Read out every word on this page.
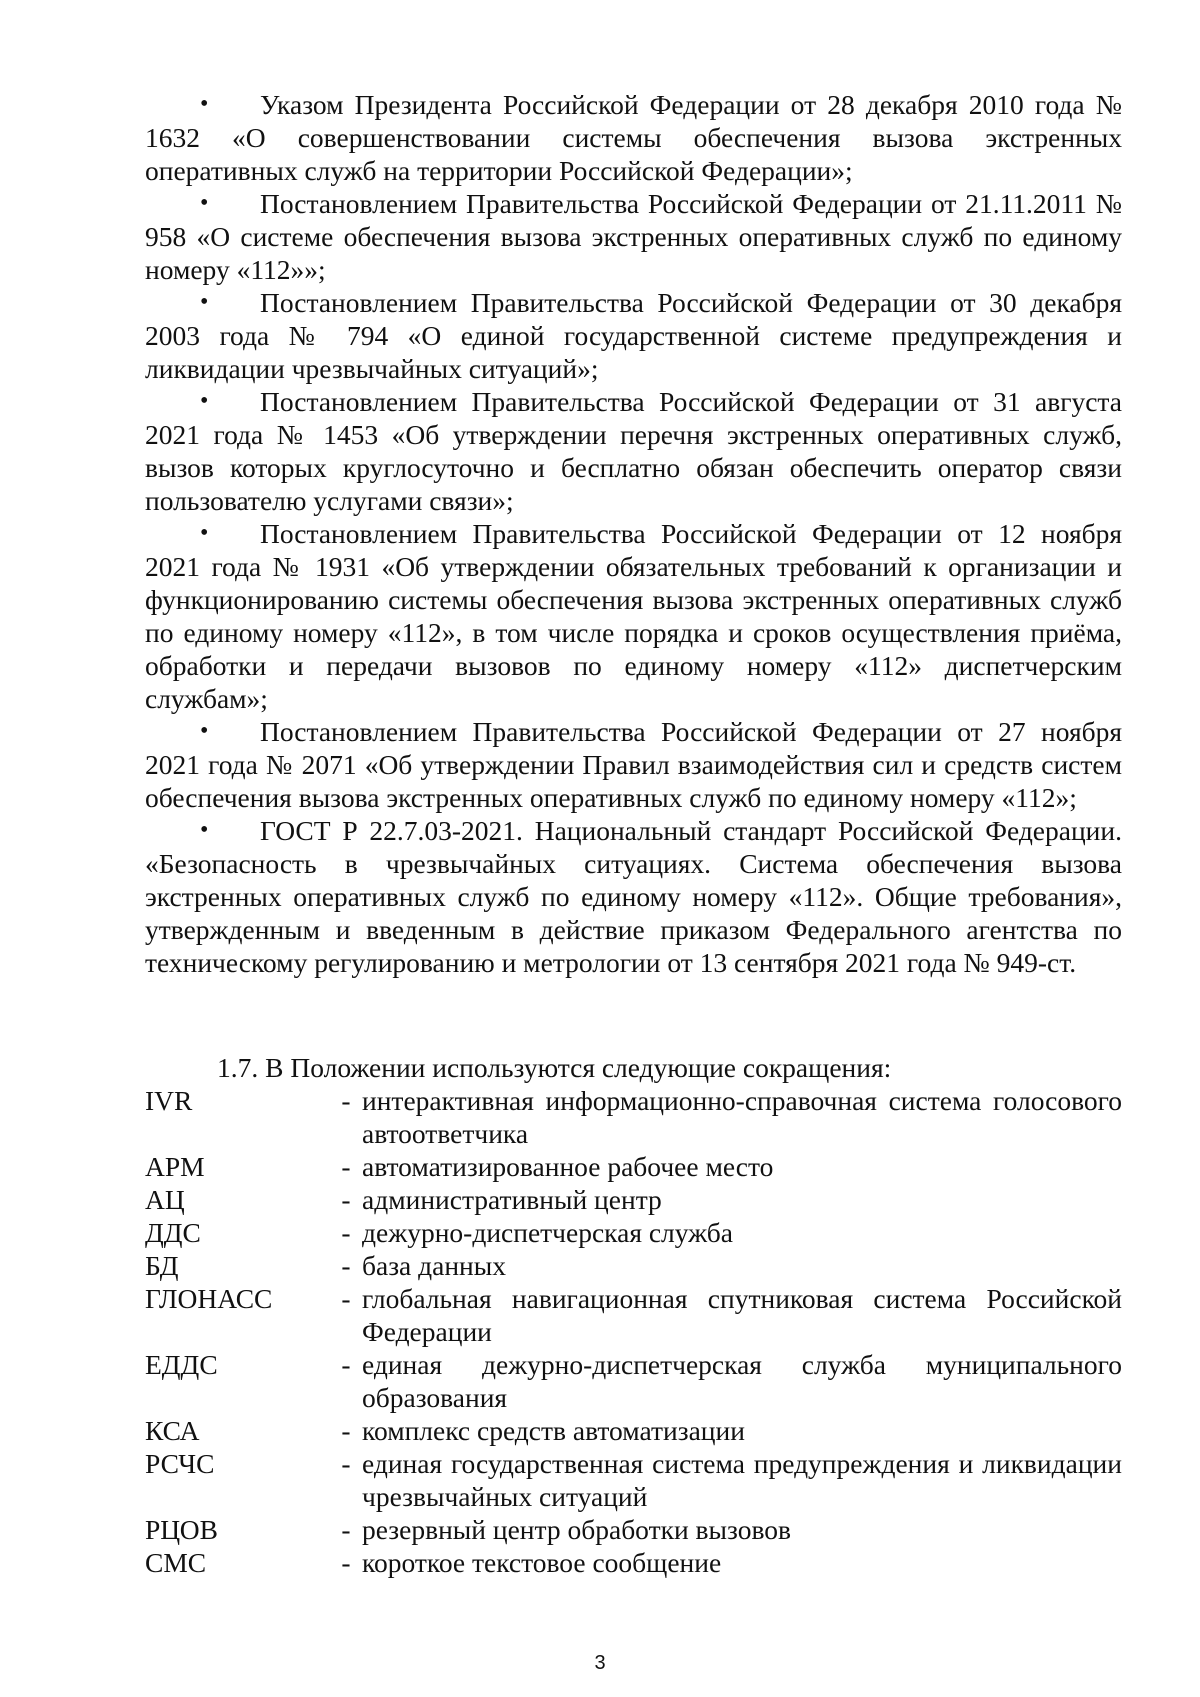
• Указом Президента Российской Федерации от 28 декабря 2010 года № 1632 «О совершенствовании системы обеспечения вызова экстренных оперативных служб на территории Российской Федерации»;

• Постановлением Правительства Российской Федерации от 21.11.2011 № 958 «О системе обеспечения вызова экстренных оперативных служб по единому номеру «112»»;

• Постановлением Правительства Российской Федерации от 30 декабря 2003 года № 794 «О единой государственной системе предупреждения и ликвидации чрезвычайных ситуаций»;

• Постановлением Правительства Российской Федерации от 31 августа 2021 года № 1453 «Об утверждении перечня экстренных оперативных служб, вызов которых круглосуточно и бесплатно обязан обеспечить оператор связи пользователю услугами связи»;

• Постановлением Правительства Российской Федерации от 12 ноября 2021 года № 1931 «Об утверждении обязательных требований к организации и функционированию системы обеспечения вызова экстренных оперативных служб по единому номеру «112», в том числе порядка и сроков осуществления приёма, обработки и передачи вызовов по единому номеру «112» диспетчерским службам»;

• Постановлением Правительства Российской Федерации от 27 ноября 2021 года № 2071 «Об утверждении Правил взаимодействия сил и средств систем обеспечения вызова экстренных оперативных служб по единому номеру «112»;

• ГОСТ Р 22.7.03-2021. Национальный стандарт Российской Федерации. «Безопасность в чрезвычайных ситуациях. Система обеспечения вызова экстренных оперативных служб по единому номеру «112». Общие требования», утвержденным и введенным в действие приказом Федерального агентства по техническому регулированию и метрологии от 13 сентября 2021 года № 949-ст.

1.7. В Положении используются следующие сокращения:
IVR	- интерактивная информационно-справочная система голосового автоответчика
АРМ	- автоматизированное рабочее место
АЦ	- административный центр
ДДС	- дежурно-диспетчерская служба
БД	- база данных
ГЛОНАСС	- глобальная навигационная спутниковая система Российской Федерации
ЕДДС	- единая дежурно-диспетчерская служба муниципального образования
КСА	- комплекс средств автоматизации
РСЧС	- единая государственная система предупреждения и ликвидации чрезвычайных ситуаций
РЦОВ	- резервный центр обработки вызовов
СМС	- короткое текстовое сообщение
3
